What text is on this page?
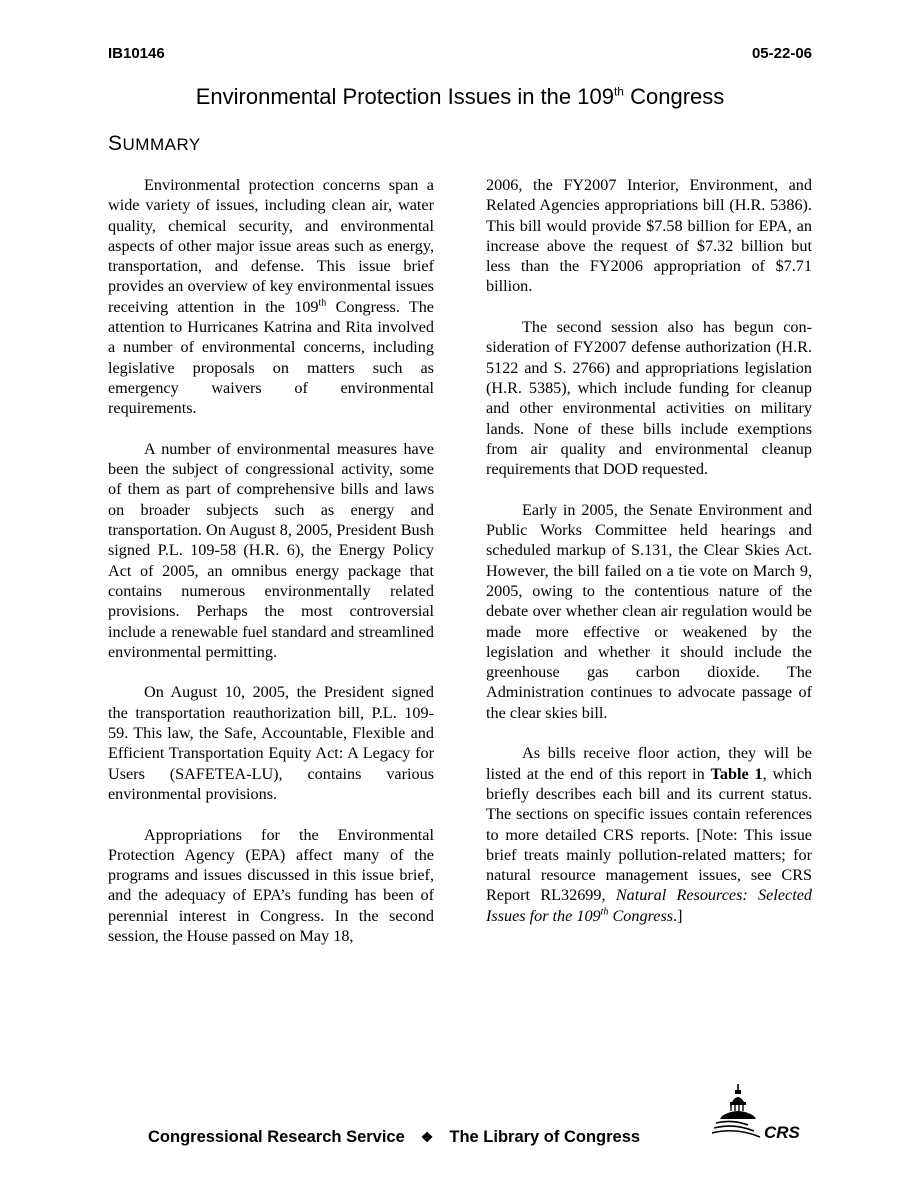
IB10146	05-22-06
Environmental Protection Issues in the 109th Congress
SUMMARY

Environmental protection concerns span a wide variety of issues, including clean air, water quality, chemical security, and environmental aspects of other major issue areas such as energy, transportation, and defense. This issue brief provides an overview of key environmental issues receiving attention in the 109th Congress. The attention to Hurricanes Katrina and Rita involved a number of environmental concerns, including legislative proposals on matters such as emergency waivers of environmental requirements.

A number of environmental measures have been the subject of congressional activity, some of them as part of comprehensive bills and laws on broader subjects such as energy and transportation. On August 8, 2005, President Bush signed P.L. 109-58 (H.R. 6), the Energy Policy Act of 2005, an omnibus energy package that contains numerous environmentally related provisions. Perhaps the most controversial include a renewable fuel standard and streamlined environmental permitting.

On August 10, 2005, the President signed the transportation reauthorization bill, P.L. 109-59. This law, the Safe, Accountable, Flexible and Efficient Transportation Equity Act: A Legacy for Users (SAFETEA-LU), contains various environmental provisions.

Appropriations for the Environmental Protection Agency (EPA) affect many of the programs and issues discussed in this issue brief, and the adequacy of EPA’s funding has been of perennial interest in Congress. In the second session, the House passed on May 18,

2006, the FY2007 Interior, Environment, and Related Agencies appropriations bill (H.R. 5386). This bill would provide $7.58 billion for EPA, an increase above the request of $7.32 billion but less than the FY2006 appropriation of $7.71 billion.

The second session also has begun consideration of FY2007 defense authorization (H.R. 5122 and S. 2766) and appropriations legislation (H.R. 5385), which include funding for cleanup and other environmental activities on military lands. None of these bills include exemptions from air quality and environmental cleanup requirements that DOD requested.

Early in 2005, the Senate Environment and Public Works Committee held hearings and scheduled markup of S.131, the Clear Skies Act. However, the bill failed on a tie vote on March 9, 2005, owing to the contentious nature of the debate over whether clean air regulation would be made more effective or weakened by the legislation and whether it should include the greenhouse gas carbon dioxide. The Administration continues to advocate passage of the clear skies bill.

As bills receive floor action, they will be listed at the end of this report in Table 1, which briefly describes each bill and its current status. The sections on specific issues contain references to more detailed CRS reports. [Note: This issue brief treats mainly pollution-related matters; for natural resource management issues, see CRS Report RL32699, Natural Resources: Selected Issues for the 109th Congress.]

Congressional Research Service ❖ The Library of Congress	CRS
